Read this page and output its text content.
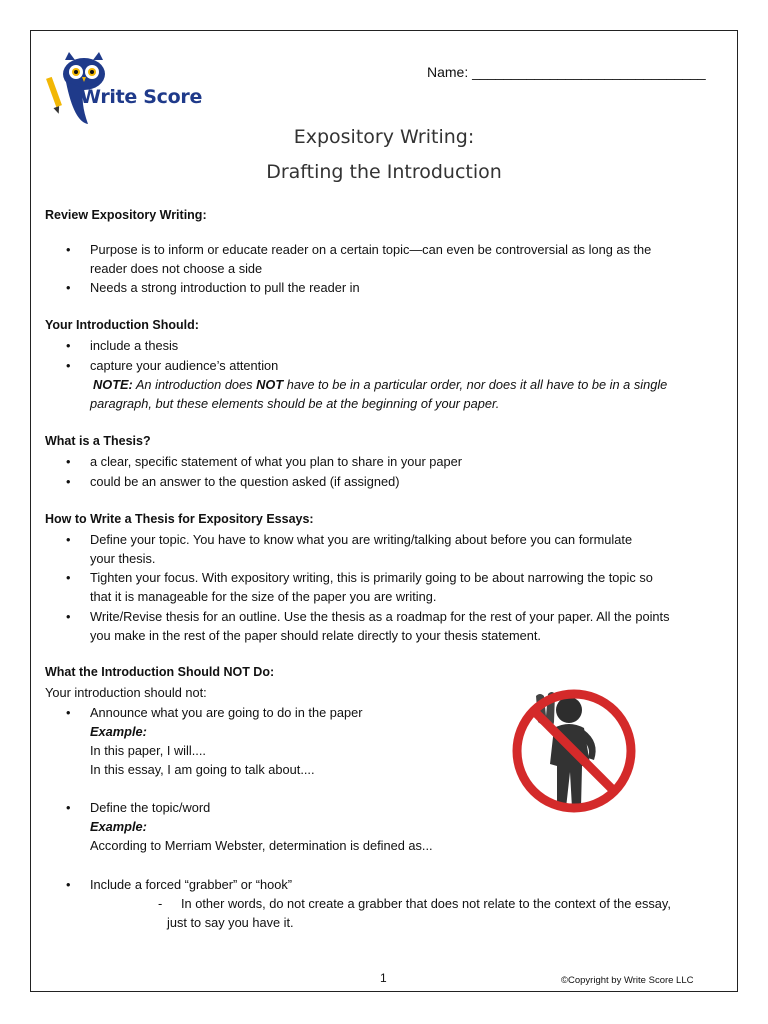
Write Score
Name: ______________________________
Expository Writing:
Drafting the Introduction
Review Expository Writing:
• Purpose is to inform or educate reader on a certain topic—can even be controversial as long as the
reader does not choose a side
• Needs a strong introduction to pull the reader in
Your Introduction Should:
• include a thesis
• capture your audience’s attention
NOTE: An introduction does NOT have to be in a particular order, nor does it all have to be in a single
paragraph, but these elements should be at the beginning of your paper.
What is a Thesis?
• a clear, specific statement of what you plan to share in your paper
• could be an answer to the question asked (if assigned)
How to Write a Thesis for Expository Essays:
• Define your topic. You have to know what you are writing/talking about before you can formulate
your thesis.
• Tighten your focus. With expository writing, this is primarily going to be about narrowing the topic so
that it is manageable for the size of the paper you are writing.
• Write/Revise thesis for an outline. Use the thesis as a roadmap for the rest of your paper. All the points
you make in the rest of the paper should relate directly to your thesis statement.
What the Introduction Should NOT Do:
Your introduction should not:
• Announce what you are going to do in the paper
Example:
In this paper, I will....
In this essay, I am going to talk about....
• Define the topic/word
Example:
According to Merriam Webster, determination is defined as...
• Include a forced “grabber” or “hook”
- In other words, do not create a grabber that does not relate to the context of the essay,
just to say you have it.
1	©Copyright by Write Score LLC
